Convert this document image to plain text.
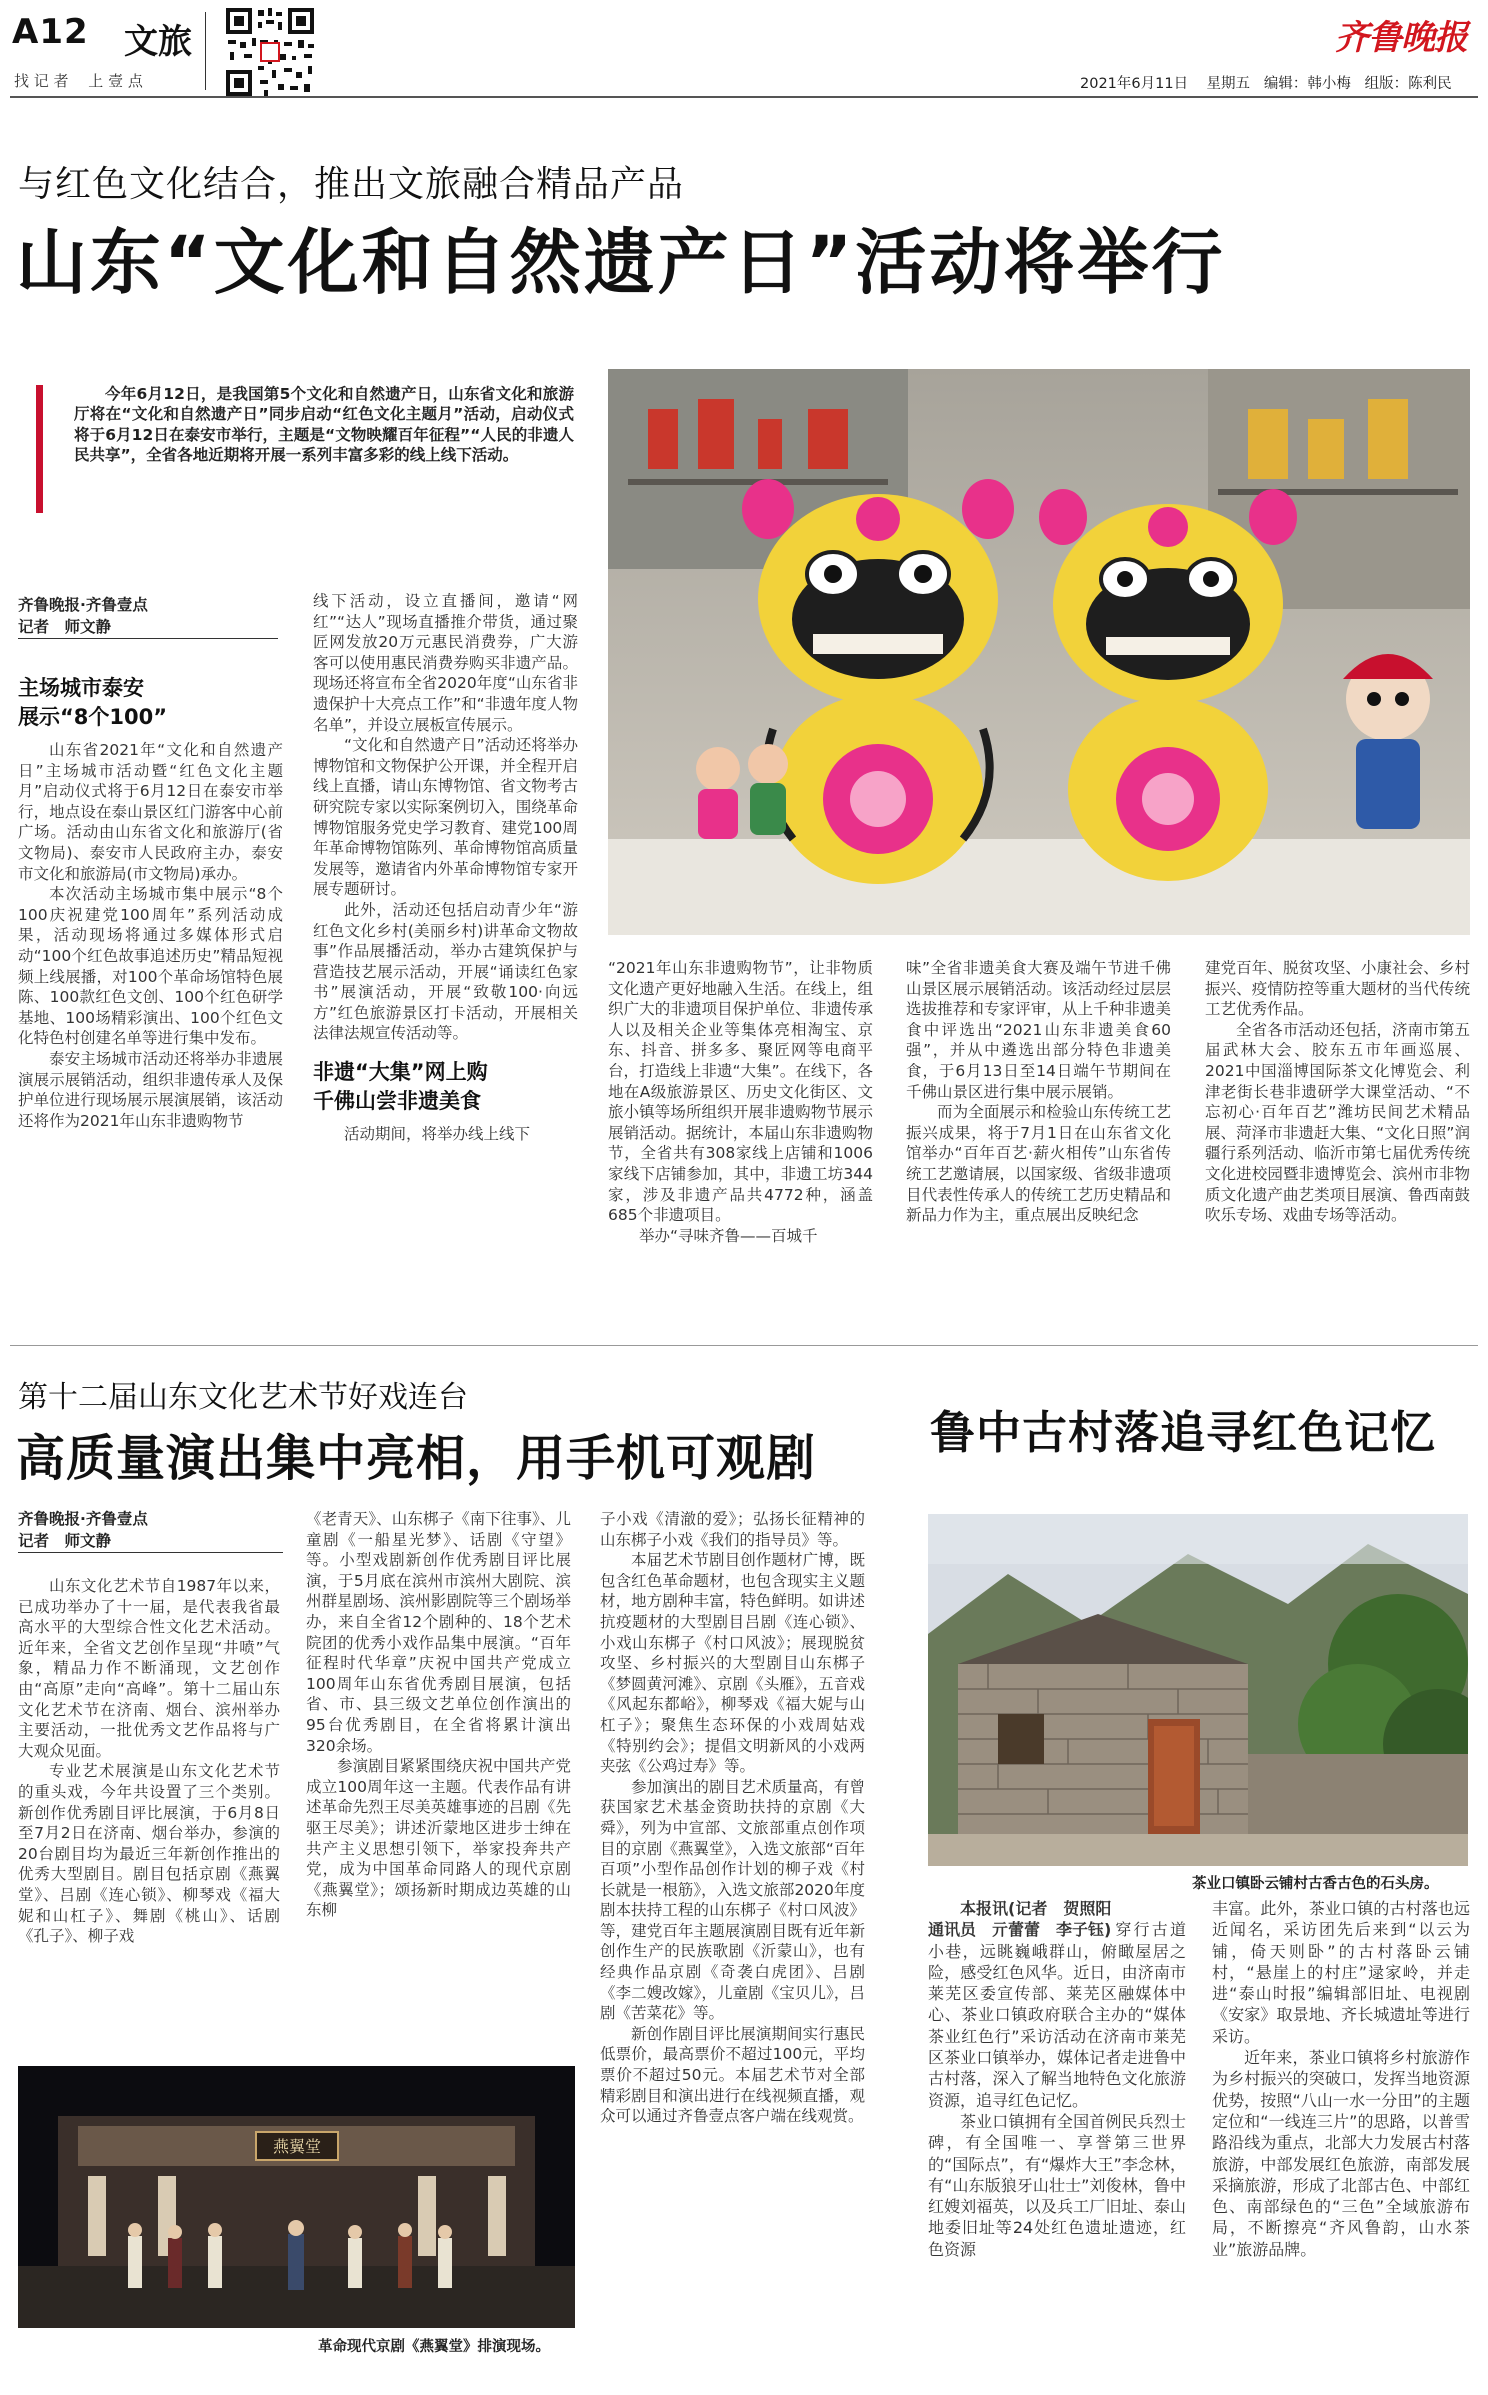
A12 文旅
找 记 者　 上 壹 点
齐鲁晚报
2021年6月11日 星期五 编辑：韩小梅 组版：陈利民
与红色文化结合，推出文旅融合精品产品
山东“文化和自然遗产日”活动将举行
今年6月12日，是我国第5个文化和自然遗产日，山东省文化和旅游厅将在“文化和自然遗产日”同步启动“红色文化主题月”活动，启动仪式将于6月12日在泰安市举行，主题是“文物映耀百年征程”“人民的非遗人民共享”，全省各地近期将开展一系列丰富多彩的线上线下活动。
齐鲁晚报·齐鲁壹点
记者　师文静
主场城市泰安
展示“8个100”

山东省2021年“文化和自然遗产日”主场城市活动暨“红色文化主题月”启动仪式将于6月12日在泰安市举行，地点设在泰山景区红门游客中心前广场。活动由山东省文化和旅游厅(省文物局)、泰安市人民政府主办，泰安市文化和旅游局(市文物局)承办。

本次活动主场城市集中展示“8个100庆祝建党100周年”系列活动成果，活动现场将通过多媒体形式启动“100个红色故事追述历史”精品短视频上线展播，对100个革命场馆特色展陈、100款红色文创、100个红色研学基地、100场精彩演出、100个红色文化特色村创建名单等进行集中发布。

泰安主场城市活动还将举办非遗展演展示展销活动，组织非遗传承人及保护单位进行现场展示展演展销，该活动还将作为2021年山东非遗购物节

线下活动，设立直播间，邀请“网红”“达人”现场直播推介带货，通过聚匠网发放20万元惠民消费券，广大游客可以使用惠民消费券购买非遗产品。现场还将宣布全省2020年度“山东省非遗保护十大亮点工作”和“非遗年度人物名单”，并设立展板宣传展示。

“文化和自然遗产日”活动还将举办博物馆和文物保护公开课，并全程开启线上直播，请山东博物馆、省文物考古研究院专家以实际案例切入，围绕革命博物馆服务党史学习教育、建党100周年革命博物馆陈列、革命博物馆高质量发展等，邀请省内外革命博物馆专家开展专题研讨。

此外，活动还包括启动青少年“游红色文化乡村(美丽乡村)讲革命文物故事”作品展播活动，举办古建筑保护与营造技艺展示活动，开展“诵读红色家书”展演活动，开展“致敬100·向远方”红色旅游景区打卡活动，开展相关法律法规宣传活动等。

非遗“大集”网上购
千佛山尝非遗美食

活动期间，将举办线上线下

“2021年山东非遗购物节”，让非物质文化遗产更好地融入生活。在线上，组织广大的非遗项目保护单位、非遗传承人以及相关企业等集体亮相淘宝、京东、抖音、拼多多、聚匠网等电商平台，打造线上非遗“大集”。在线下，各地在A级旅游景区、历史文化街区、文旅小镇等场所组织开展非遗购物节展示展销活动。据统计，本届山东非遗购物节，全省共有308家线上店铺和1006家线下店铺参加，其中，非遗工坊344家，涉及非遗产品共4772种，涵盖685个非遗项目。

举办“寻味齐鲁——百城千

味”全省非遗美食大赛及端午节进千佛山景区展示展销活动。该活动经过层层选拔推荐和专家评审，从上千种非遗美食中评选出“2021山东非遗美食60强”，并从中遴选出部分特色非遗美食，于6月13日至14日端午节期间在千佛山景区进行集中展示展销。

而为全面展示和检验山东传统工艺振兴成果，将于7月1日在山东省文化馆举办“百年百艺·薪火相传”山东省传统工艺邀请展，以国家级、省级非遗项目代表性传承人的传统工艺历史精品和新品力作为主，重点展出反映纪念

建党百年、脱贫攻坚、小康社会、乡村振兴、疫情防控等重大题材的当代传统工艺优秀作品。

全省各市活动还包括，济南市第五届武林大会、胶东五市年画巡展、2021中国淄博国际茶文化博览会、利津老街长巷非遗研学大课堂活动、“不忘初心·百年百艺”潍坊民间艺术精品展、菏泽市非遗赶大集、“文化日照”润疆行系列活动、临沂市第七届优秀传统文化进校园暨非遗博览会、滨州市非物质文化遗产曲艺类项目展演、鲁西南鼓吹乐专场、戏曲专场等活动。

第十二届山东文化艺术节好戏连台
高质量演出集中亮相，用手机可观剧
齐鲁晚报·齐鲁壹点
记者　师文静

山东文化艺术节自1987年以来，已成功举办了十一届，是代表我省最高水平的大型综合性文化艺术活动。近年来，全省文艺创作呈现“井喷”气象，精品力作不断涌现，文艺创作由“高原”走向“高峰”。第十二届山东文化艺术节在济南、烟台、滨州举办主要活动，一批优秀文艺作品将与广大观众见面。

专业艺术展演是山东文化艺术节的重头戏，今年共设置了三个类别。新创作优秀剧目评比展演，于6月8日至7月2日在济南、烟台举办，参演的20台剧目均为最近三年新创作推出的优秀大型剧目。剧目包括京剧《燕翼堂》、吕剧《连心锁》、柳琴戏《福大妮和山杠子》、舞剧《桃山》、话剧《孔子》、柳子戏

《老青天》、山东梆子《南下往事》、儿童剧《一船星光梦》、话剧《守望》等。小型戏剧新创作优秀剧目评比展演，于5月底在滨州市滨州大剧院、滨州群星剧场、滨州影剧院等三个剧场举办，来自全省12个剧种的、18个艺术院团的优秀小戏作品集中展演。“百年征程时代华章”庆祝中国共产党成立100周年山东省优秀剧目展演，包括省、市、县三级文艺单位创作演出的95台优秀剧目，在全省将累计演出320余场。

参演剧目紧紧围绕庆祝中国共产党成立100周年这一主题。代表作品有讲述革命先烈王尽美英雄事迹的吕剧《先驱王尽美》；讲述沂蒙地区进步士绅在共产主义思想引领下，举家投奔共产党，成为中国革命同路人的现代京剧《燕翼堂》；颂扬新时期成边英雄的山东柳

子小戏《清澈的爱》；弘扬长征精神的山东梆子小戏《我们的指导员》等。

本届艺术节剧目创作题材广博，既包含红色革命题材，也包含现实主义题材，地方剧种丰富，特色鲜明。如讲述抗疫题材的大型剧目吕剧《连心锁》、小戏山东梆子《村口风波》；展现脱贫攻坚、乡村振兴的大型剧目山东梆子《梦圆黄河滩》、京剧《头雁》，五音戏《风起东都峪》，柳琴戏《福大妮与山杠子》；聚焦生态环保的小戏周姑戏《特别约会》；提倡文明新风的小戏两夹弦《公鸡过寿》等。

参加演出的剧目艺术质量高，有曾获国家艺术基金资助扶持的京剧《大舜》，列为中宣部、文旅部重点创作项目的京剧《燕翼堂》，入选文旅部“百年百项”小型作品创作计划的柳子戏《村长就是一根筋》，入选文旅部2020年度剧本扶持工程的山东梆子《村口风波》等，建党百年主题展演剧目既有近年新创作生产的民族歌剧《沂蒙山》，也有经典作品京剧《奇袭白虎团》、吕剧《李二嫂改嫁》，儿童剧《宝贝儿》，吕剧《苦菜花》等。

新创作剧目评比展演期间实行惠民低票价，最高票价不超过100元，平均票价不超过50元。本届艺术节对全部精彩剧目和演出进行在线视频直播，观众可以通过齐鲁壹点客户端在线观赏。

燕翼堂
革命现代京剧《燕翼堂》排演现场。
鲁中古村落追寻红色记忆
茶业口镇卧云铺村古香古色的石头房。

本报讯(记者　贺照阳

通讯员　亓蕾蕾　李子钰) 穿行古道小巷，远眺巍峨群山，俯瞰屋居之险，感受红色风华。近日，由济南市莱芜区委宣传部、莱芜区融媒体中心、茶业口镇政府联合主办的“媒体茶业红色行”采访活动在济南市莱芜区茶业口镇举办，媒体记者走进鲁中古村落，深入了解当地特色文化旅游资源，追寻红色记忆。

茶业口镇拥有全国首例民兵烈士碑，有全国唯一、享誉第三世界的“国际点”，有“爆炸大王”李念林，有“山东版狼牙山壮士”刘俊林，鲁中红嫂刘福英，以及兵工厂旧址、泰山地委旧址等24处红色遗址遗迹，红色资源

丰富。此外，茶业口镇的古村落也远近闻名，采访团先后来到“以云为铺，倚天则卧”的古村落卧云铺村，“悬崖上的村庄”逯家岭，并走进“泰山时报”编辑部旧址、电视剧《安家》取景地、齐长城遗址等进行采访。

近年来，茶业口镇将乡村旅游作为乡村振兴的突破口，发挥当地资源优势，按照“八山一水一分田”的主题定位和“一线连三片”的思路，以普雪路沿线为重点，北部大力发展古村落旅游，中部发展红色旅游，南部发展采摘旅游，形成了北部古色、中部红色、南部绿色的“三色”全域旅游布局，不断擦亮“齐风鲁韵，山水茶业”旅游品牌。
